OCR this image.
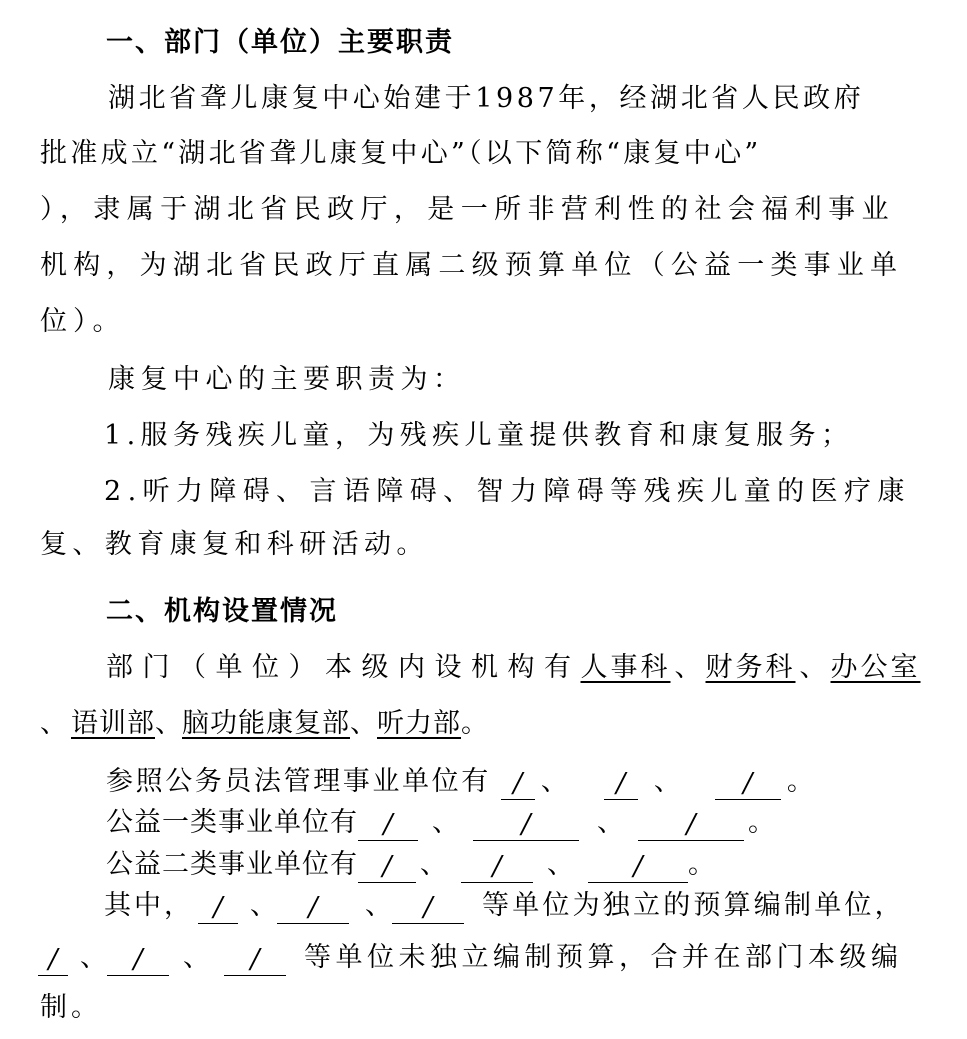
一、部门（单位）主要职责
湖北省聋儿康复中心始建于1987年，经湖北省人民政府
批准成立“湖北省聋儿康复中心”（以下简称“康复中心”
），隶属于湖北省民政厅，是一所非营利性的社会福利事业
机构，为湖北省民政厅直属二级预算单位（公益一类事业单
位）。
康复中心的主要职责为：
1.服务残疾儿童，为残疾儿童提供教育和康复服务；
2.听力障碍、言语障碍、智力障碍等残疾儿童的医疗康
复、教育康复和科研活动。
二、机构设置情况
部门（单位）本级内设机构有人事科 、 财务科 、 办公室
、 语训部、脑功能康复部、听力部。
参照公务员法管理事业单位有 / 、 / 、 / 。
公益一类事业单位有 / 、 / 、 / 。
公益二类事业单位有 / 、 / 、 / 。
其中， / 、 / 、 / 等单位为独立的预算编制单位，
/ 、 / 、 / 等单位未独立编制预算，合并在部门本级编
制。
